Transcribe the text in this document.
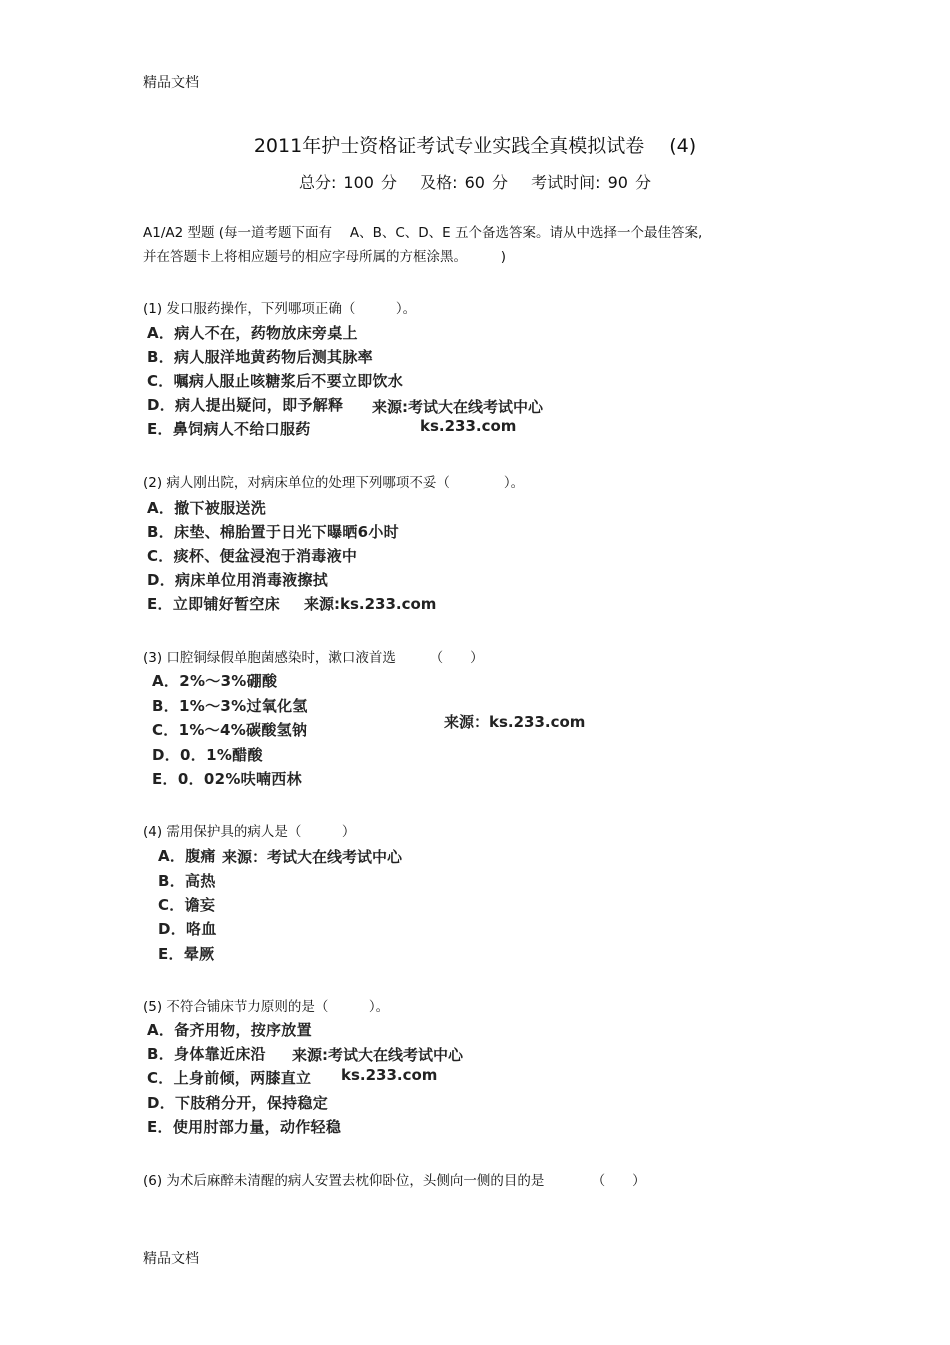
精品文档
2011年护士资格证考试专业实践全真模拟试卷　 (4)
总分: 100 分　 及格: 60 分　 考试时间: 90 分
A1/A2 型题 (每一道考题下面有　 A、B、C、D、E 五个备选答案。请从中选择一个最佳答案,
并在答题卡上将相应题号的相应字母所属的方框涂黑。　　　)
(1) 发口服药操作，下列哪项正确（　　　）。
A．病人不在，药物放床旁桌上
B．病人服洋地黄药物后测其脉率
C．嘱病人服止咳糖浆后不要立即饮水
D．病人提出疑问，即予解释 来源:考试大在线考试中心
E．鼻饲病人不给口服药	ks.233.com
(2) 病人刚出院，对病床单位的处理下列哪项不妥（　　　　）。
A．撤下被服送洗
B．床垫、棉胎置于日光下曝晒6小时
C．痰杯、便盆浸泡于消毒液中
D．病床单位用消毒液擦拭
E．立即铺好暂空床 来源:ks.233.com
(3) 口腔铜绿假单胞菌感染时，漱口液首选　　　（　　）
A．2%～3%硼酸
B．1%～3%过氧化氢
C．1%～4%碳酸氢钠	来源：ks.233.com
D．0．1%醋酸
E．0．02%呋喃西林
(4) 需用保护具的病人是（　　　）
A．腹痛 来源：考试大在线考试中心
B．高热
C．谵妄
D．咯血
E．晕厥
(5) 不符合铺床节力原则的是（　　　）。
A．备齐用物，按序放置
B．身体靠近床沿 来源:考试大在线考试中心
C．上身前倾，两膝直立 ks.233.com
D．下肢稍分开，保持稳定
E．使用肘部力量，动作轻稳
(6) 为术后麻醉未清醒的病人安置去枕仰卧位，头侧向一侧的目的是　　　　（　　）
精品文档
